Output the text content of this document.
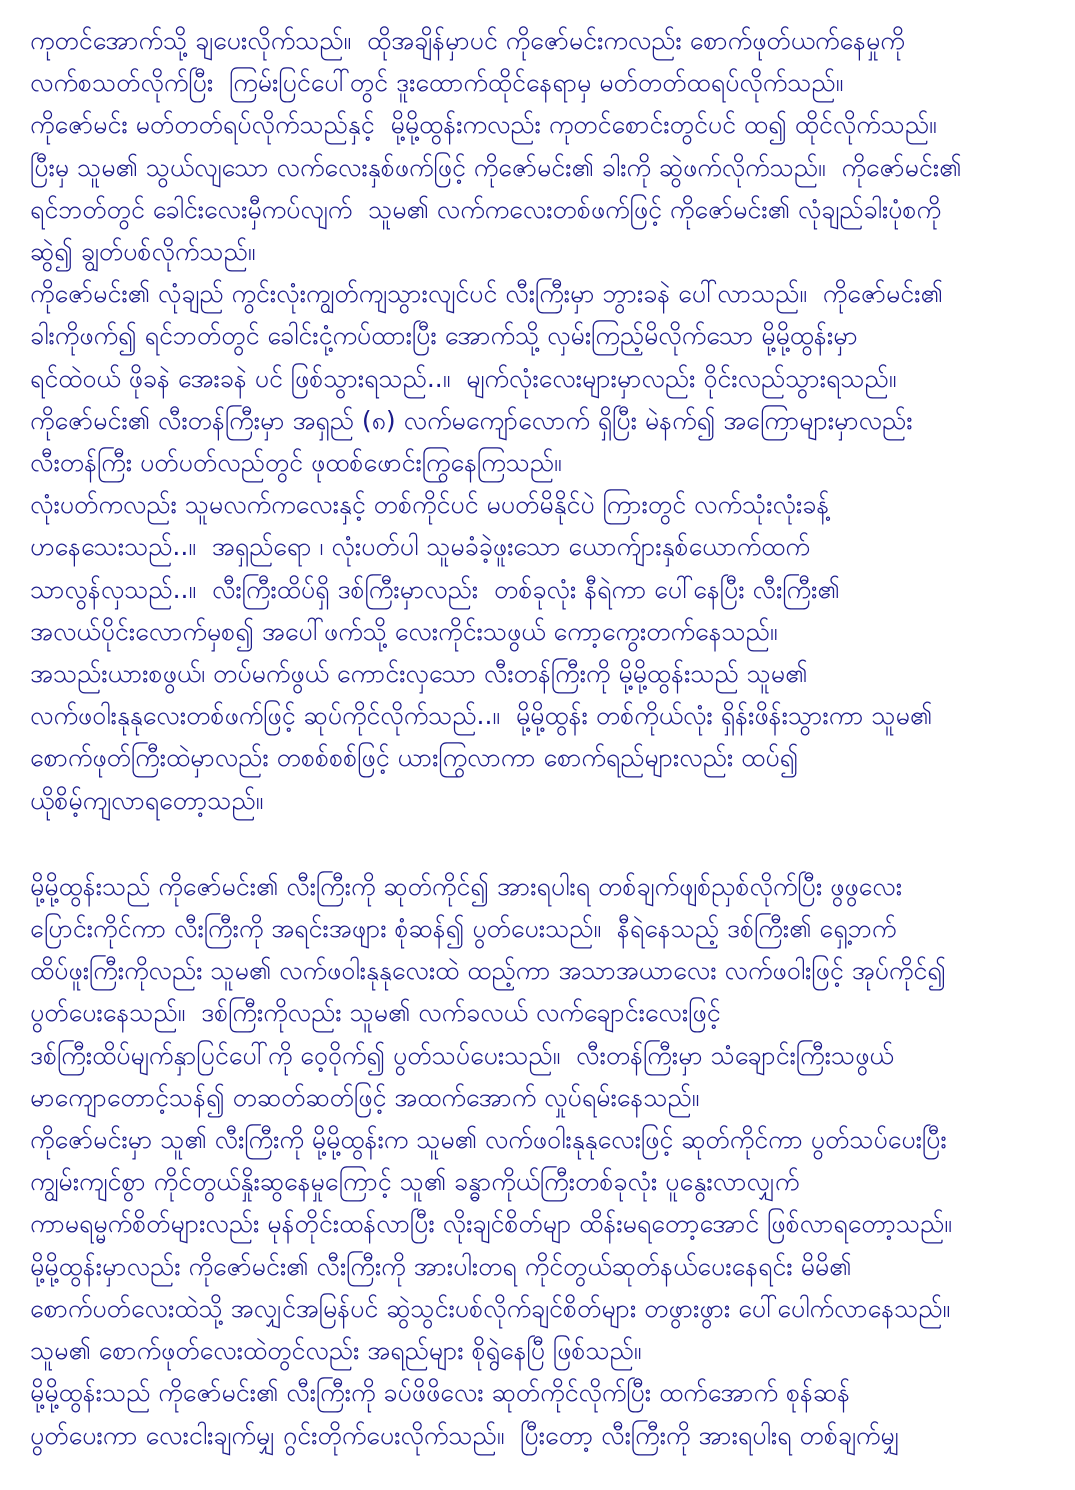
ကုတင်အောက်သို့ ချပေးလိုက်သည်။  ထိုအချိန်မှာပင် ကိုဇော်မင်းကလည်း စောက်ဖုတ်ယက်နေမှုကို
လက်စသတ်လိုက်ပြီး  ကြမ်းပြင်ပေါ်တွင် ဒူးထောက်ထိုင်နေရာမှ မတ်တတ်ထရပ်လိုက်သည်။
ကိုဇော်မင်း မတ်တတ်ရပ်လိုက်သည်နှင့်  မို့မို့ထွန်းကလည်း ကုတင်စောင်းတွင်ပင် ထ၍ ထိုင်လိုက်သည်။
ပြီးမှ သူမ၏ သွယ်လျသော လက်လေးနှစ်ဖက်ဖြင့် ကိုဇော်မင်း၏ ခါးကို ဆွဲဖက်လိုက်သည်။  ကိုဇော်မင်း၏
ရင်ဘတ်တွင် ခေါင်းလေးမှီကပ်လျက်  သူမ၏ လက်ကလေးတစ်ဖက်ဖြင့် ကိုဇော်မင်း၏ လုံချည်ခါးပုံစကို
ဆွဲ၍ ချွတ်ပစ်လိုက်သည်။
ကိုဇော်မင်း၏ လုံချည် ကွင်းလုံးကျွတ်ကျသွားလျင်ပင် လီးကြီးမှာ ဘွားခနဲ ပေါ်လာသည်။  ကိုဇော်မင်း၏
ခါးကိုဖက်၍ ရင်ဘတ်တွင် ခေါင်းငုံ့ကပ်ထားပြီး အောက်သို့ လှမ်းကြည့်မိလိုက်သော မို့မို့ထွန်းမှာ
ရင်ထဲဝယ် ဖိုခနဲ အေးခနဲ ပင် ဖြစ်သွားရသည်..။  မျက်လုံးလေးများမှာလည်း ဝိုင်းလည်သွားရသည်။
ကိုဇော်မင်း၏ လီးတန်ကြီးမှာ အရှည် (၈) လက်မကျော်လောက် ရှိပြီး မဲနက်၍ အကြောများမှာလည်း
လီးတန်ကြီး ပတ်ပတ်လည်တွင် ဖုထစ်ဖောင်းကြွနေကြသည်။
လုံးပတ်ကလည်း သူမလက်ကလေးနှင့် တစ်ကိုင်ပင် မပတ်မိနိုင်ပဲ ကြားတွင် လက်သုံးလုံးခန့်
ဟနေသေးသည်..။  အရှည်ရော ၊ လုံးပတ်ပါ သူမခံခဲ့ဖူးသော ယောက်ျားနှစ်ယောက်ထက်
သာလွန်လှသည်..။  လီးကြီးထိပ်ရှိ ဒစ်ကြီးမှာလည်း  တစ်ခုလုံး နီရဲကာ ပေါ်နေပြီး လီးကြီး၏
အလယ်ပိုင်းလောက်မှစ၍ အပေါ်ဖက်သို့ လေးကိုင်းသဖွယ် ကော့ကွေးတက်နေသည်။
အသည်းယားစဖွယ်၊ တပ်မက်ဖွယ် ကောင်းလှသော လီးတန်ကြီးကို မို့မို့ထွန်းသည် သူမ၏
လက်ဖဝါးနုနုလေးတစ်ဖက်ဖြင့် ဆုပ်ကိုင်လိုက်သည်..။  မို့မို့ထွန်း တစ်ကိုယ်လုံး ရှိန်းဖိန်းသွားကာ သူမ၏
စောက်ဖုတ်ကြီးထဲမှာလည်း တစစ်စစ်ဖြင့် ယားကြွလာကာ စောက်ရည်များလည်း ထပ်၍
ယိုစိမ့်ကျလာရတော့သည်။
မို့မို့ထွန်းသည် ကိုဇော်မင်း၏ လီးကြီးကို ဆုတ်ကိုင်၍ အားရပါးရ တစ်ချက်ဖျစ်ညှစ်လိုက်ပြီး ဖွဖွလေး
ပြောင်းကိုင်ကာ လီးကြီးကို အရင်းအဖျား စုံဆန်၍ ပွတ်ပေးသည်။  နီရဲနေသည့် ဒစ်ကြီး၏ ရှေ့ဘက်
ထိပ်ဖူးကြီးကိုလည်း သူမ၏ လက်ဖဝါးနုနုလေးထဲ ထည့်ကာ အသာအယာလေး လက်ဖဝါးဖြင့် အုပ်ကိုင်၍
ပွတ်ပေးနေသည်။  ဒစ်ကြီးကိုလည်း သူမ၏ လက်ခလယ် လက်ချောင်းလေးဖြင့်
ဒစ်ကြီးထိပ်မျက်နှာပြင်ပေါ်ကို ဝေ့ဝိုက်၍ ပွတ်သပ်ပေးသည်။  လီးတန်ကြီးမှာ သံချောင်းကြီးသဖွယ်
မာကျောတောင့်သန်၍ တဆတ်ဆတ်ဖြင့် အထက်အောက် လှုပ်ရမ်းနေသည်။
ကိုဇော်မင်းမှာ သူ၏ လီးကြီးကို မို့မို့ထွန်းက သူမ၏ လက်ဖဝါးနုနုလေးဖြင့် ဆုတ်ကိုင်ကာ ပွတ်သပ်ပေးပြီး
ကျွမ်းကျင်စွာ ကိုင်တွယ်နှိုးဆွနေမှုကြောင့် သူ၏ ခန္ဓာကိုယ်ကြီးတစ်ခုလုံး ပူနွေးလာလျှက်
ကာမရမ္မက်စိတ်များလည်း မုန်တိုင်းထန်လာပြီး လိုးချင်စိတ်မျာ ထိန်းမရတော့အောင် ဖြစ်လာရတော့သည်။
မို့မို့ထွန်းမှာလည်း ကိုဇော်မင်း၏ လီးကြီးကို အားပါးတရ ကိုင်တွယ်ဆုတ်နယ်ပေးနေရင်း မိမိ၏
စောက်ပတ်လေးထဲသို့ အလျှင်အမြန်ပင် ဆွဲသွင်းပစ်လိုက်ချင်စိတ်များ တဖွားဖွား ပေါ်ပေါက်လာနေသည်။
သူမ၏ စောက်ဖုတ်လေးထဲတွင်လည်း အရည်များ စိုရွဲနေပြီ ဖြစ်သည်။
မို့မို့ထွန်းသည် ကိုဇော်မင်း၏ လီးကြီးကို ခပ်ဖိဖိလေး ဆုတ်ကိုင်လိုက်ပြီး ထက်အောက် စုန်ဆန်
ပွတ်ပေးကာ လေးငါးချက်မျှ ဂွင်းတိုက်ပေးလိုက်သည်။  ပြီးတော့ လီးကြီးကို အားရပါးရ တစ်ချက်မျှ
